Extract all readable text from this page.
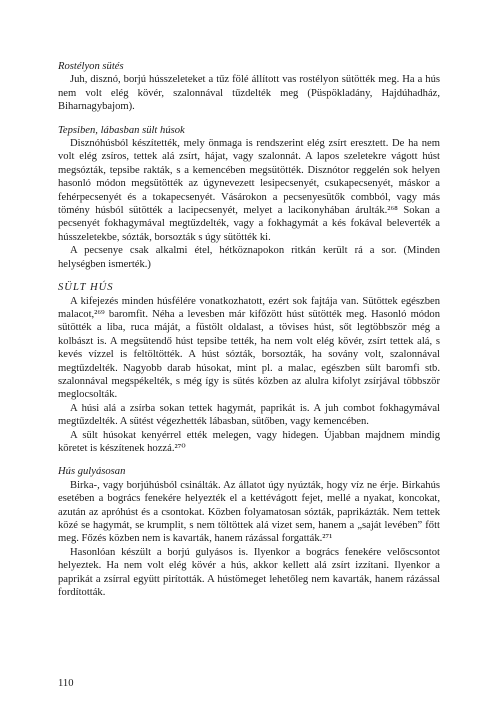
Rostélyon sütés

Juh, disznó, borjú hússzeleteket a tűz fölé állított vas rostélyon sütötték meg. Ha a hús nem volt elég kövér, szalonnával tűzdelték meg (Püspökladány, Hajdúhadház, Biharnagybajom).

Tepsiben, lábasban sült húsok

Disznóhúsból készítették, mely önmaga is rendszerint elég zsírt eresztett. De ha nem volt elég zsíros, tettek alá zsírt, hájat, vagy szalonnát. A lapos szeletekre vágott húst megsózták, tepsibe rakták, s a kemencében megsütötték. Disznótor reggelén sok helyen hasonló módon megsütötték az úgynevezett lesipecsenyét, csukapecsenyét, máskor a fehérpecsenyét és a tokapecsenyét. Vásárokon a pecsenyesütők combból, vagy más tömény húsból sütötték a lacipecsenyét, melyet a lacikonyhában árulták.²⁶⁸ Sokan a pecsenyét fokhagymával megtűzdelték, vagy a fokhagymát a kés fokával beleverték a hússzeletekbe, sózták, borsozták s úgy sütötték ki.

A pecsenye csak alkalmi étel, hétköznapokon ritkán került rá a sor. (Minden helységben ismerték.)

SÜLT HÚS

A kifejezés minden húsfélére vonatkozhatott, ezért sok fajtája van. Sütöttek egészben malacot,²⁶⁹ baromfit. Néha a levesben már kifőzött húst sütötték meg. Hasonló módon sütötték a liba, ruca máját, a füstölt oldalast, a tövises húst, sőt legtöbbször még a kolbászt is. A megsütendő húst tepsibe tették, ha nem volt elég kövér, zsírt tettek alá, s kevés vízzel is feltöltötték. A húst sózták, borsozták, ha sovány volt, szalonnával megtűzdelték. Nagyobb darab húsokat, mint pl. a malac, egészben sült baromfi stb. szalonnával megspékelték, s még így is sütés közben az alulra kifolyt zsírjával többször meglocsolták.

A húsi alá a zsírba sokan tettek hagymát, paprikát is. A juh combot fokhagymával megtűzdelték. A sütést végezhették lábasban, sütőben, vagy kemencében.

A sült húsokat kenyérrel ették melegen, vagy hidegen. Újabban majdnem mindig köretet is készítenek hozzá.²⁷⁰

Hús gulyásosan

Birka-, vagy borjúhúsból csinálták. Az állatot úgy nyúzták, hogy víz ne érje. Birkahús esetében a bogrács fenekére helyezték el a kettévágott fejet, mellé a nyakat, koncokat, azután az apróhúst és a csontokat. Közben folyamatosan sózták, paprikázták. Nem tettek közé se hagymát, se krumplit, s nem töltöttek alá vizet sem, hanem a „saját levében” főtt meg. Főzés közben nem is kavarták, hanem rázással forgatták.²⁷¹

Hasonlóan készült a borjú gulyásos is. Ilyenkor a bogrács fenekére velőscsontot helyeztek. Ha nem volt elég kövér a hús, akkor kellett alá zsírt izzítani. Ilyenkor a paprikát a zsírral együtt pirították. A hústömeget lehetőleg nem kavarták, hanem rázással fordították.

110
